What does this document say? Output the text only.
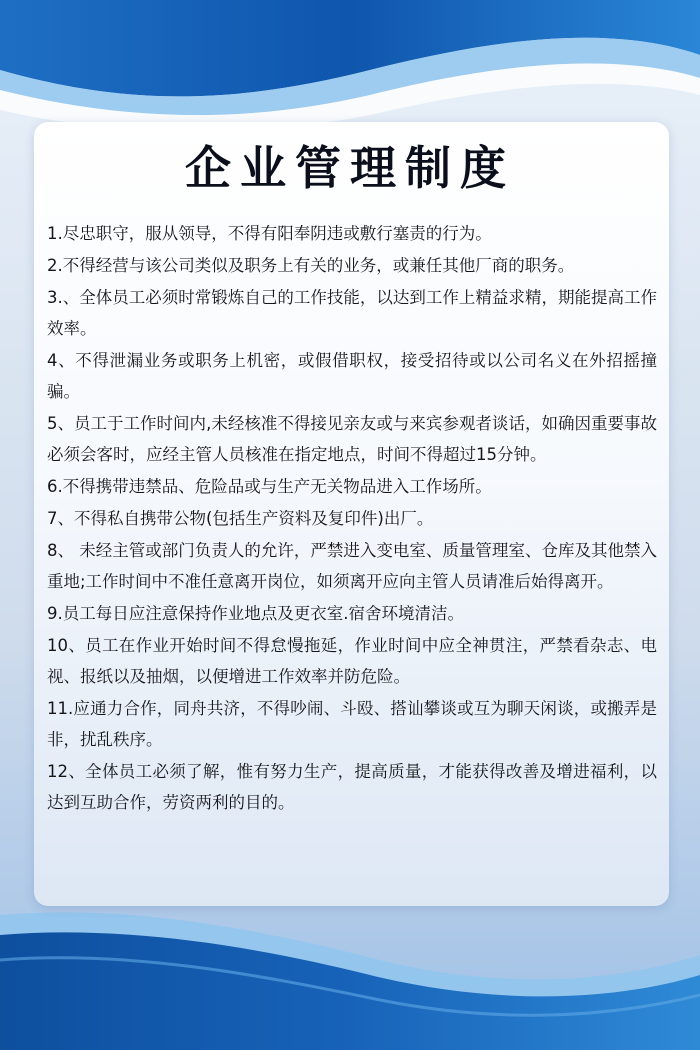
企业管理制度
1.尽忠职守，服从领导，不得有阳奉阴违或敷行塞责的行为。
2.不得经营与该公司类似及职务上有关的业务，或兼任其他厂商的职务。
3.、全体员工必须时常锻炼自己的工作技能，以达到工作上精益求精，期能提高工作效率。
4、不得泄漏业务或职务上机密，或假借职权，接受招待或以公司名义在外招摇撞骗。
5、员工于工作时间内,未经核准不得接见亲友或与来宾参观者谈话，如确因重要事故必须会客时，应经主管人员核准在指定地点，时间不得超过15分钟。
6.不得携带违禁品、危险品或与生产无关物品进入工作场所。
7、不得私自携带公物(包括生产资料及复印件)出厂。
8、 未经主管或部门负责人的允许，严禁进入变电室、质量管理室、仓库及其他禁入重地;工作时间中不准任意离开岗位，如须离开应向主管人员请准后始得离开。
9.员工每日应注意保持作业地点及更衣室.宿舍环境清洁。
10、员工在作业开始时间不得怠慢拖延，作业时间中应全神贯注，严禁看杂志、电视、报纸以及抽烟，以便增进工作效率并防危险。
11.应通力合作，同舟共济，不得吵闹、斗殴、搭讪攀谈或互为聊天闲谈，或搬弄是非，扰乱秩序。
12、全体员工必须了解，惟有努力生产，提高质量，才能获得改善及增进福利，以达到互助合作，劳资两利的目的。
